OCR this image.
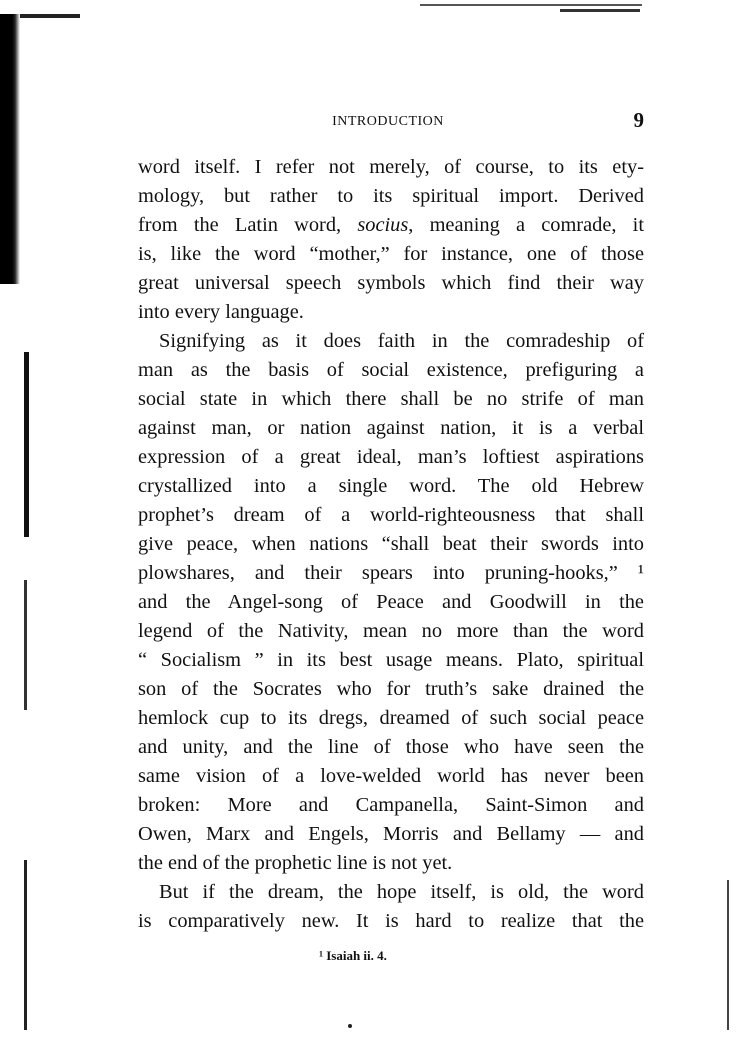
INTRODUCTION	9
word itself. I refer not merely, of course, to its ety-
mology, but rather to its spiritual import. Derived
from the Latin word, socius, meaning a comrade, it
is, like the word “mother,” for instance, one of those
great universal speech symbols which find their way
into every language.
Signifying as it does faith in the comradeship of
man as the basis of social existence, prefiguring a
social state in which there shall be no strife of man
against man, or nation against nation, it is a verbal
expression of a great ideal, man’s loftiest aspirations
crystallized into a single word. The old Hebrew
prophet’s dream of a world-righteousness that shall
give peace, when nations “shall beat their swords into
plowshares, and their spears into pruning-hooks,” ¹
and the Angel-song of Peace and Goodwill in the
legend of the Nativity, mean no more than the word
“ Socialism ” in its best usage means. Plato, spiritual
son of the Socrates who for truth’s sake drained the
hemlock cup to its dregs, dreamed of such social peace
and unity, and the line of those who have seen the
same vision of a love-welded world has never been
broken: More and Campanella, Saint-Simon and
Owen, Marx and Engels, Morris and Bellamy — and
the end of the prophetic line is not yet.
But if the dream, the hope itself, is old, the word
is comparatively new. It is hard to realize that the
¹ Isaiah ii. 4.
